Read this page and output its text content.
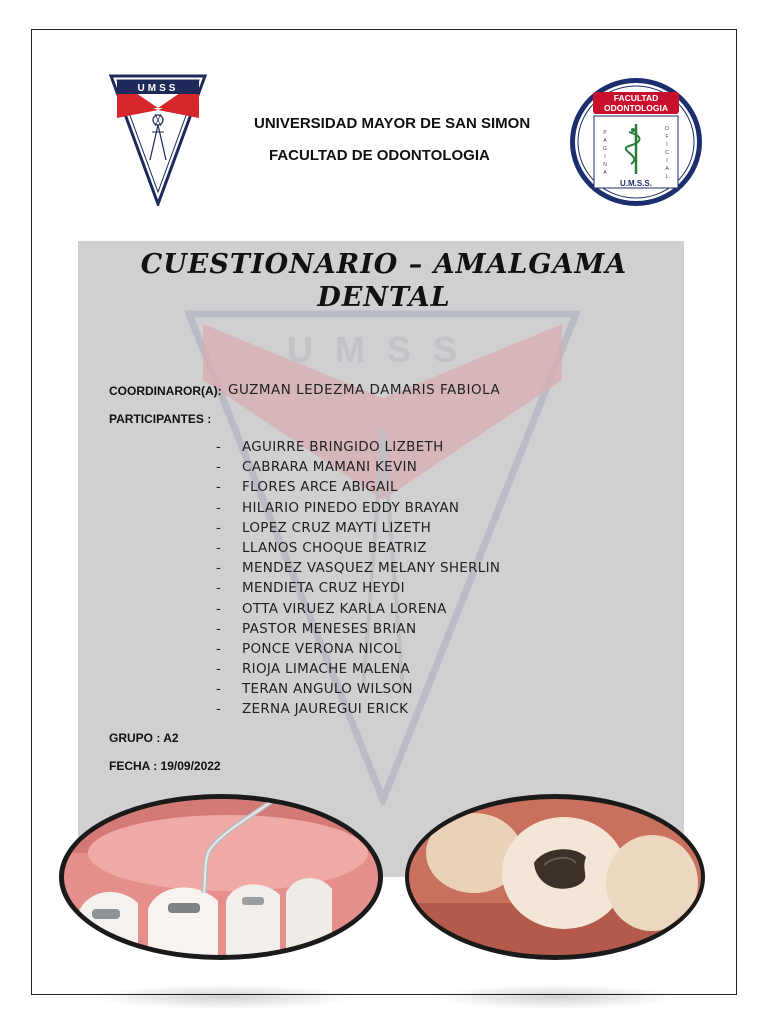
UMSS
UNIVERSIDAD MAYOR DE SAN SIMON
FACULTAD DE ODONTOLOGIA
FACULTAD
ODONTOLOGIA
P
A
G
I
N
A
O
F
I
C
I
A
L
U.M.S.S.
UMSS
CUESTIONARIO – AMALGAMA
DENTAL
COORDINAROR(A): GUZMAN LEDEZMA DAMARIS FABIOLA
PARTICIPANTES :
- AGUIRRE BRINGIDO LIZBETH
- CABRARA MAMANI KEVIN
- FLORES ARCE ABIGAIL
- HILARIO PINEDO EDDY BRAYAN
- LOPEZ CRUZ MAYTI LIZETH
- LLANOS CHOQUE BEATRIZ
- MENDEZ VASQUEZ MELANY SHERLIN
- MENDIETA CRUZ HEYDI
- OTTA VIRUEZ KARLA LORENA
- PASTOR MENESES BRIAN
- PONCE VERONA NICOL
- RIOJA LIMACHE MALENA
- TERAN ANGULO WILSON
- ZERNA JAUREGUI ERICK
GRUPO : A2
FECHA : 19/09/2022
